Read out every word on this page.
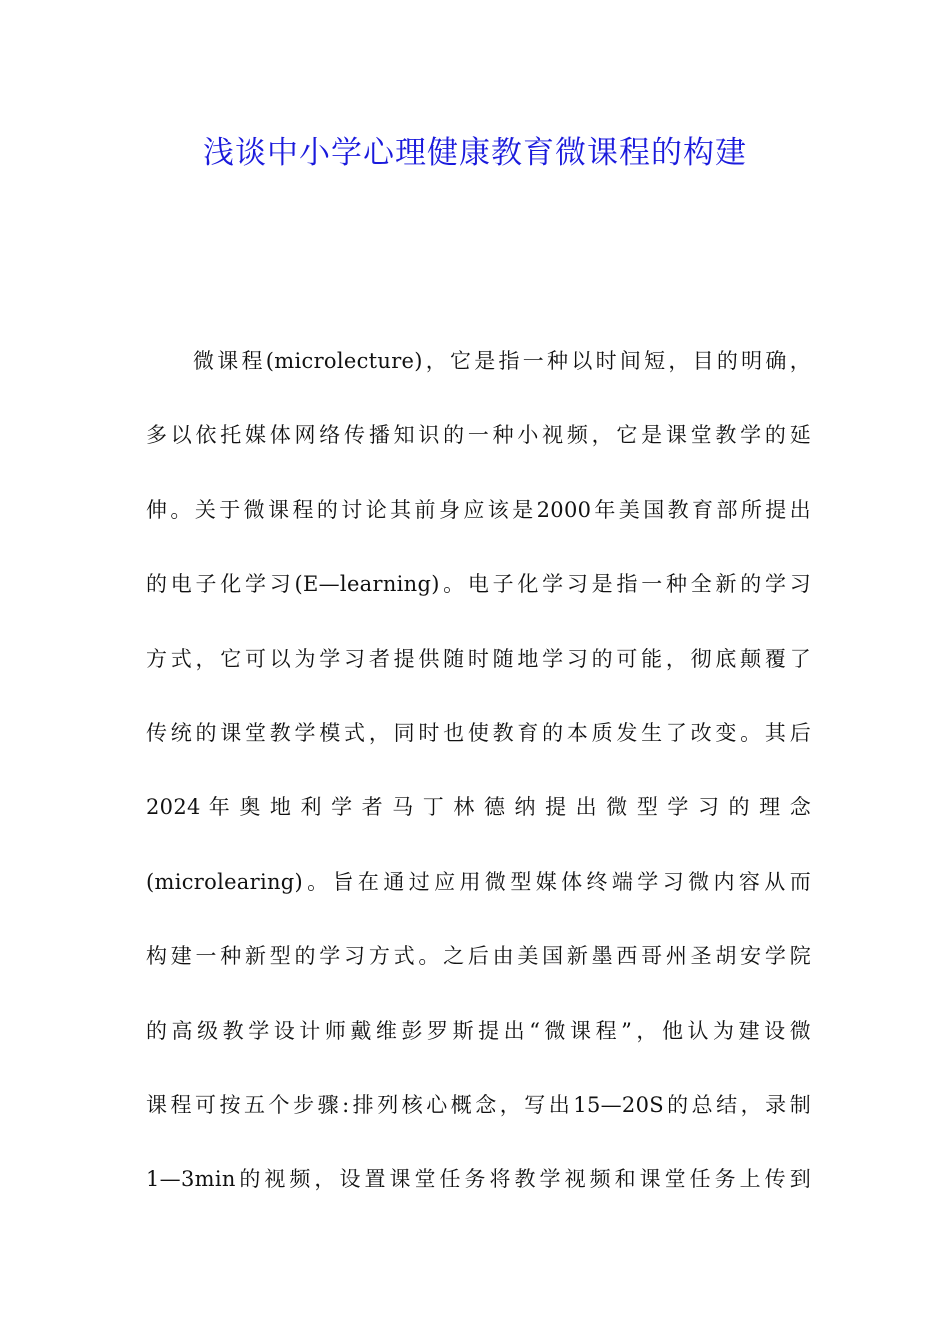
浅谈中小学心理健康教育微课程的构建
微课程(microlecture)，它是指一种以时间短，目的明确，
多以依托媒体网络传播知识的一种小视频，它是课堂教学的延
伸。关于微课程的讨论其前身应该是2000年美国教育部所提出
的电子化学习(E—learning)。电子化学习是指一种全新的学习
方式，它可以为学习者提供随时随地学习的可能，彻底颠覆了
传统的课堂教学模式，同时也使教育的本质发生了改变。其后
2024 年 奥 地 利 学 者 马 丁 林 德 纳 提 出 微 型 学 习 的 理 念
(microlearing)。旨在通过应用微型媒体终端学习微内容从而
构建一种新型的学习方式。之后由美国新墨西哥州圣胡安学院
的高级教学设计师戴维彭罗斯提出“微课程”，他认为建设微
课程可按五个步骤:排列核心概念，写出15—20S的总结，录制
1—3min的视频，设置课堂任务将教学视频和课堂任务上传到
